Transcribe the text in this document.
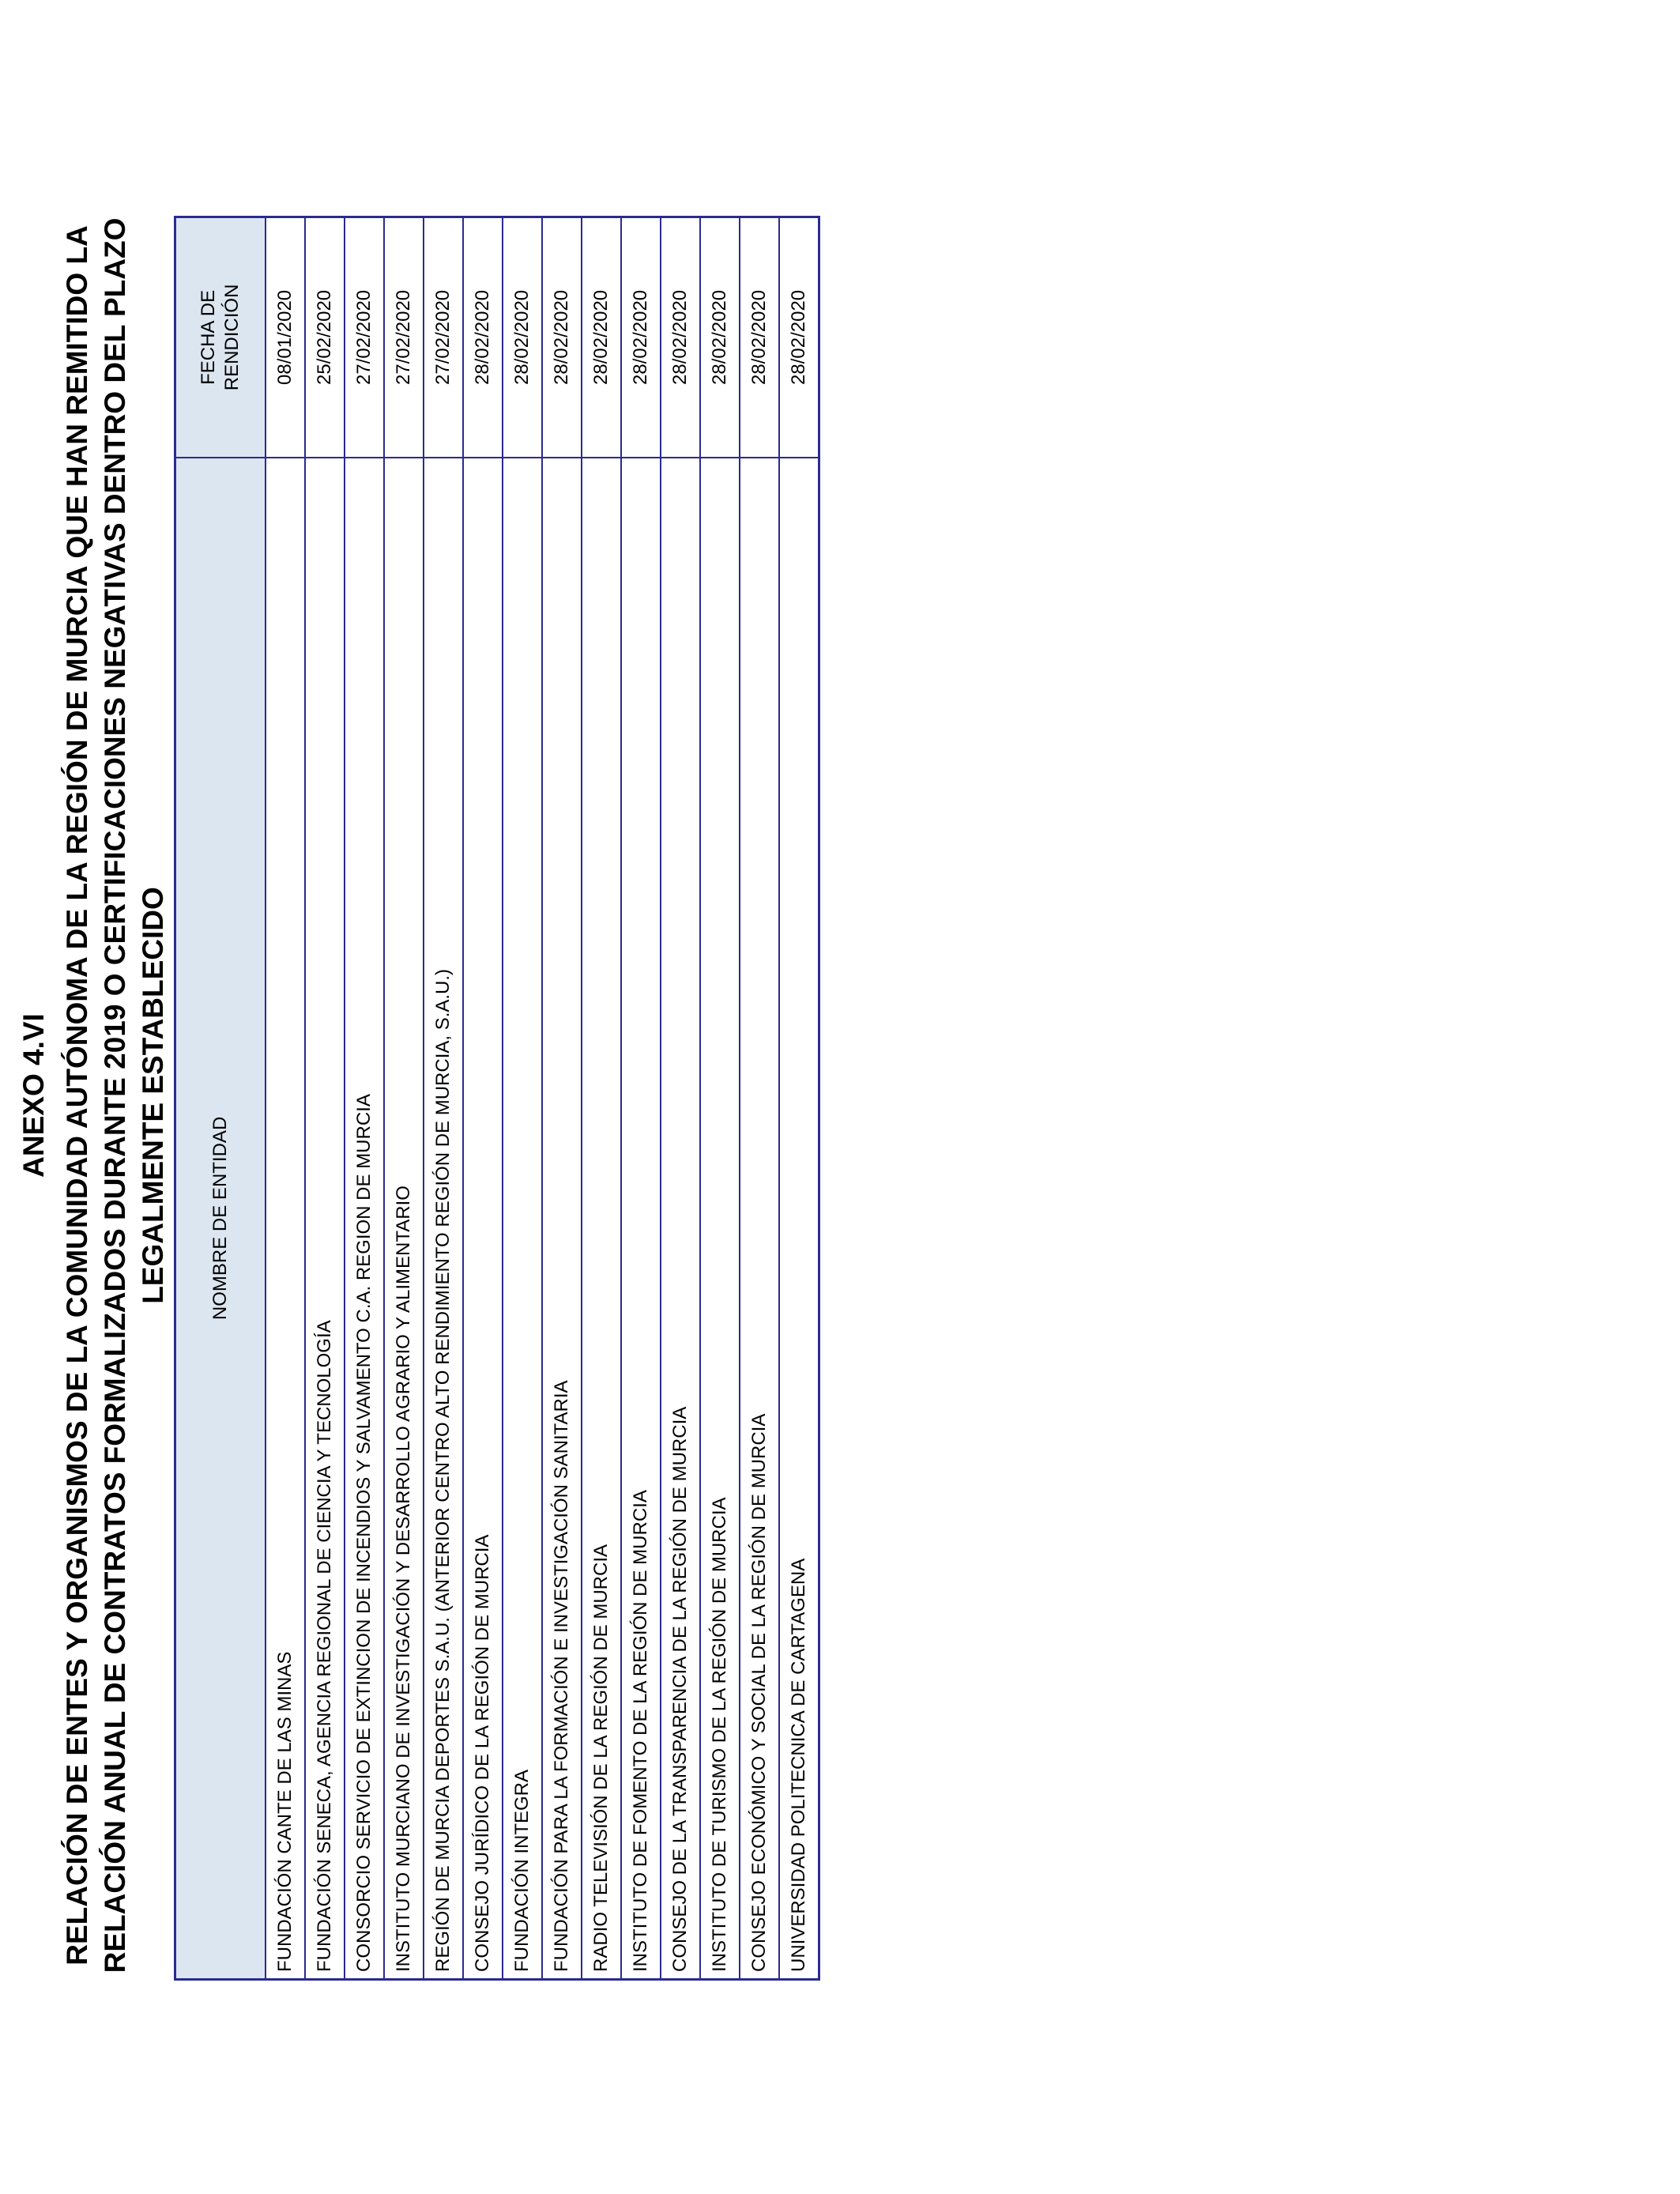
ANEXO 4.VI RELACIÓN DE ENTES Y ORGANISMOS DE LA COMUNIDAD AUTÓNOMA DE LA REGIÓN DE MURCIA QUE HAN REMITIDO LA RELACIÓN ANUAL DE CONTRATOS FORMALIZADOS DURANTE 2019 O CERTIFICACIONES NEGATIVAS DENTRO DEL PLAZO LEGALMENTE ESTABLECIDO NOMBRE DE ENTIDAD	FECHA DE RENDICIÓN
FUNDACIÓN CANTE DE LAS MINAS	08/01/2020
FUNDACIÓN SENECA, AGENCIA REGIONAL DE CIENCIA Y TECNOLOGÍA	25/02/2020
CONSORCIO SERVICIO DE EXTINCION DE INCENDIOS Y SALVAMENTO C.A. REGION DE MURCIA	27/02/2020
INSTITUTO MURCIANO DE INVESTIGACIÓN Y DESARROLLO AGRARIO Y ALIMENTARIO	27/02/2020
REGIÓN DE MURCIA DEPORTES S.A.U. (ANTERIOR CENTRO ALTO RENDIMIENTO REGIÓN DE MURCIA, S.A.U.)	27/02/2020
CONSEJO JURÍDICO DE LA REGIÓN DE MURCIA	28/02/2020
FUNDACIÓN INTEGRA	28/02/2020
FUNDACIÓN PARA LA FORMACIÓN E INVESTIGACIÓN SANITARIA	28/02/2020
RADIO TELEVISIÓN DE LA REGIÓN DE MURCIA	28/02/2020
INSTITUTO DE FOMENTO DE LA REGIÓN DE MURCIA	28/02/2020
CONSEJO DE LA TRANSPARENCIA DE LA REGIÓN DE MURCIA	28/02/2020
INSTITUTO DE TURISMO DE LA REGIÓN DE MURCIA	28/02/2020
CONSEJO ECONÓMICO Y SOCIAL DE LA REGIÓN DE MURCIA	28/02/2020
UNIVERSIDAD POLITECNICA DE CARTAGENA	28/02/2020
